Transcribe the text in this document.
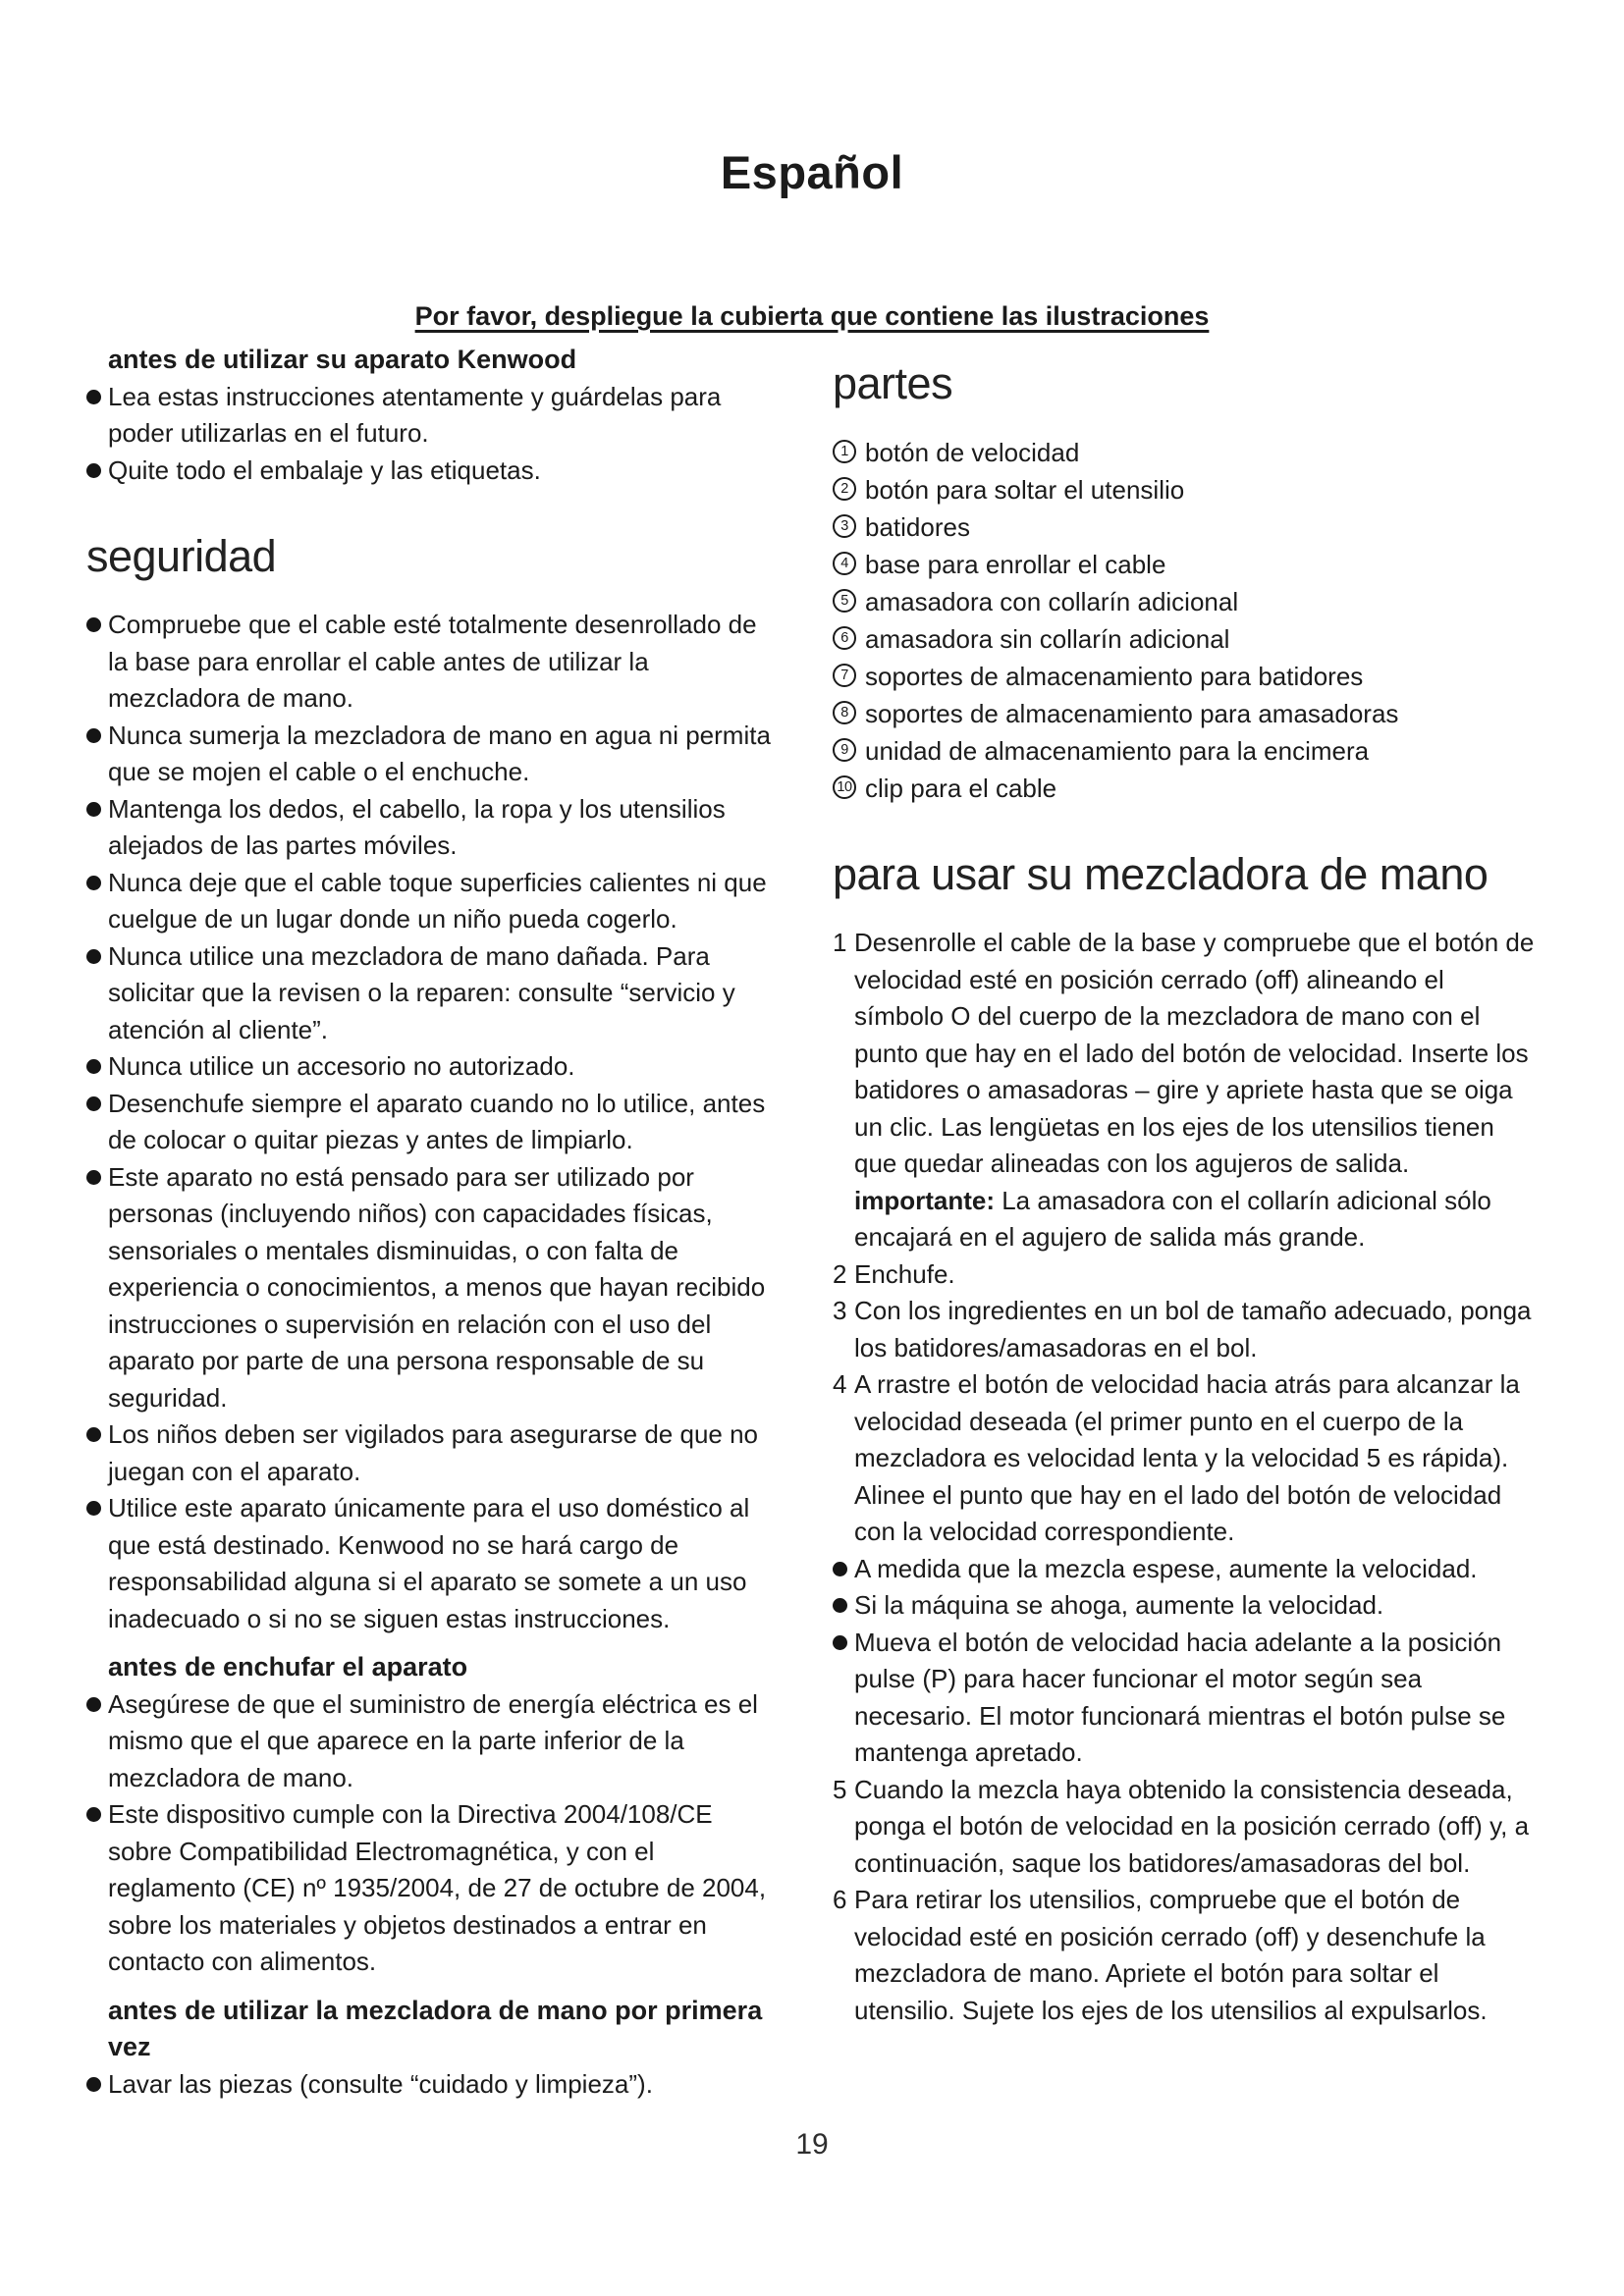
Español
Por favor, despliegue la cubierta que contiene las ilustraciones
antes de utilizar su aparato Kenwood
Lea estas instrucciones atentamente y guárdelas para poder utilizarlas en el futuro.
Quite todo el embalaje y las etiquetas.
seguridad
Compruebe que el cable esté totalmente desenrollado de la base para enrollar el cable antes de utilizar la mezcladora de mano.
Nunca sumerja la mezcladora de mano en agua ni permita que se mojen el cable o el enchuche.
Mantenga los dedos, el cabello, la ropa y los utensilios alejados de las partes móviles.
Nunca deje que el cable toque superficies calientes ni que cuelgue de un lugar donde un niño pueda cogerlo.
Nunca utilice una mezcladora de mano dañada. Para solicitar que la revisen o la reparen: consulte “servicio y atención al cliente”.
Nunca utilice un accesorio no autorizado.
Desenchufe siempre el aparato cuando no lo utilice, antes de colocar o quitar piezas y antes de limpiarlo.
Este aparato no está pensado para ser utilizado por personas (incluyendo niños) con capacidades físicas, sensoriales o mentales disminuidas, o con falta de experiencia o conocimientos, a menos que hayan recibido instrucciones o supervisión en relación con el uso del aparato por parte de una persona responsable de su seguridad.
Los niños deben ser vigilados para asegurarse de que no juegan con el aparato.
Utilice este aparato únicamente para el uso doméstico al que está destinado. Kenwood no se hará cargo de responsabilidad alguna si el aparato se somete a un uso inadecuado o si no se siguen estas instrucciones.
antes de enchufar el aparato
Asegúrese de que el suministro de energía eléctrica es el mismo que el que aparece en la parte inferior de la mezcladora de mano.
Este dispositivo cumple con la Directiva 2004/108/CE sobre Compatibilidad Electromagnética, y con el reglamento (CE) nº 1935/2004, de 27 de octubre de 2004, sobre los materiales y objetos destinados a entrar en contacto con alimentos.
antes de utilizar la mezcladora de mano por primera vez
Lavar las piezas (consulte “cuidado y limpieza”).
partes
1 botón de velocidad
2 botón para soltar el utensilio
3 batidores
4 base para enrollar el cable
5 amasadora con collarín adicional
6 amasadora sin collarín adicional
7 soportes de almacenamiento para batidores
8 soportes de almacenamiento para amasadoras
9 unidad de almacenamiento para la encimera
10 clip para el cable
para usar su mezcladora de mano
1 Desenrolle el cable de la base y compruebe que el botón de velocidad esté en posición cerrado (off) alineando el símbolo O del cuerpo de la mezcladora de mano con el punto que hay en el lado del botón de velocidad. Inserte los batidores o amasadoras – gire y apriete hasta que se oiga un clic. Las lengüetas en los ejes de los utensilios tienen que quedar alineadas con los agujeros de salida.
importante: La amasadora con el collarín adicional sólo encajará en el agujero de salida más grande.
2 Enchufe.
3 Con los ingredientes en un bol de tamaño adecuado, ponga los batidores/amasadoras en el bol.
4 A rrastre el botón de velocidad hacia atrás para alcanzar la velocidad deseada (el primer punto en el cuerpo de la mezcladora es velocidad lenta y la velocidad 5 es rápida). Alinee el punto que hay en el lado del botón de velocidad con la velocidad correspondiente.
A medida que la mezcla espese, aumente la velocidad.
Si la máquina se ahoga, aumente la velocidad.
Mueva el botón de velocidad hacia adelante a la posición pulse (P) para hacer funcionar el motor según sea necesario. El motor funcionará mientras el botón pulse se mantenga apretado.
5 Cuando la mezcla haya obtenido la consistencia deseada, ponga el botón de velocidad en la posición cerrado (off) y, a continuación, saque los batidores/amasadoras del bol.
6 Para retirar los utensilios, compruebe que el botón de velocidad esté en posición cerrado (off) y desenchufe la mezcladora de mano. Apriete el botón para soltar el utensilio. Sujete los ejes de los utensilios al expulsarlos.
19
